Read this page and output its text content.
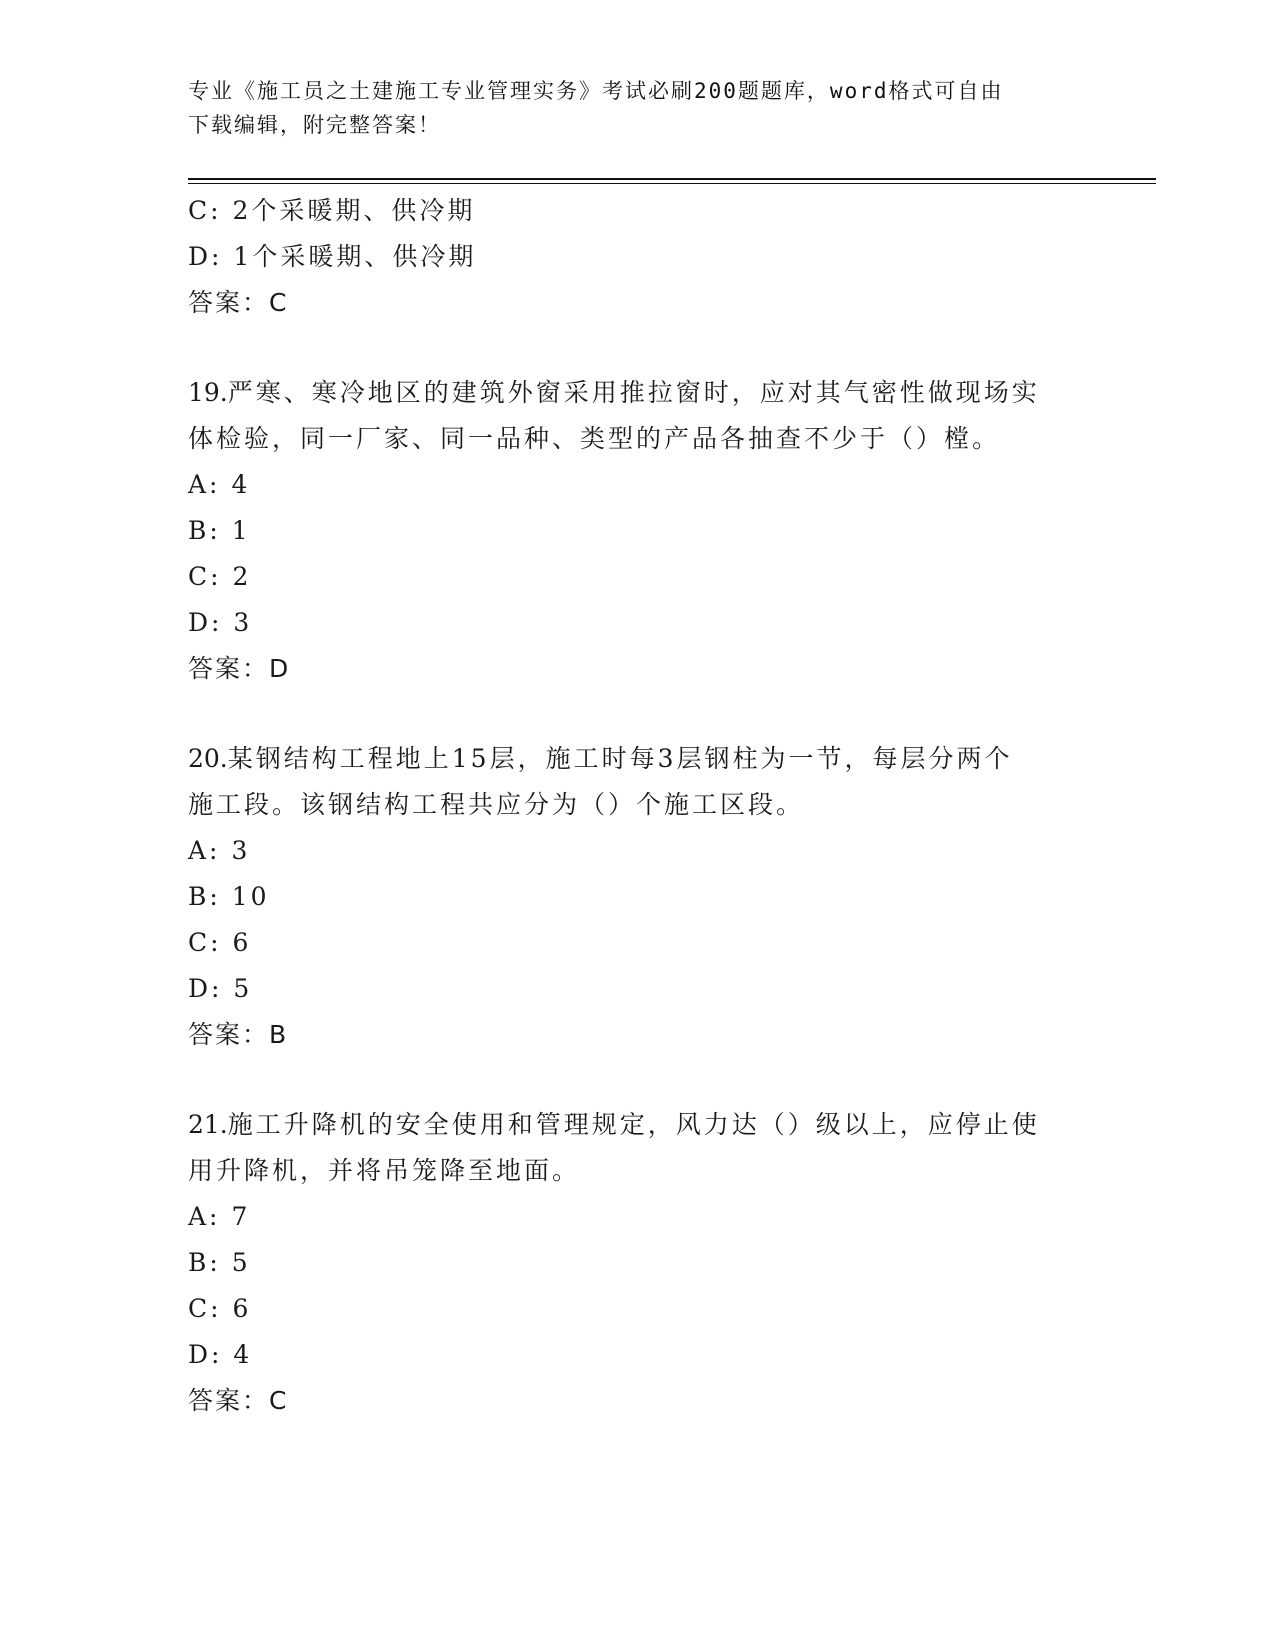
专业《施工员之土建施工专业管理实务》考试必刷200题题库，word格式可自由
下载编辑，附完整答案！
C: 2个采暖期、供冷期
D: 1个采暖期、供冷期
答案：C
19.严寒、寒冷地区的建筑外窗采用推拉窗时，应对其气密性做现场实
体检验，同一厂家、同一品种、类型的产品各抽查不少于（）樘。
A: 4
B: 1
C: 2
D: 3
答案：D
20.某钢结构工程地上15层，施工时每3层钢柱为一节，每层分两个
施工段。该钢结构工程共应分为（）个施工区段。
A: 3
B: 10
C: 6
D: 5
答案：B
21.施工升降机的安全使用和管理规定，风力达（）级以上，应停止使
用升降机，并将吊笼降至地面。
A: 7
B: 5
C: 6
D: 4
答案：C
